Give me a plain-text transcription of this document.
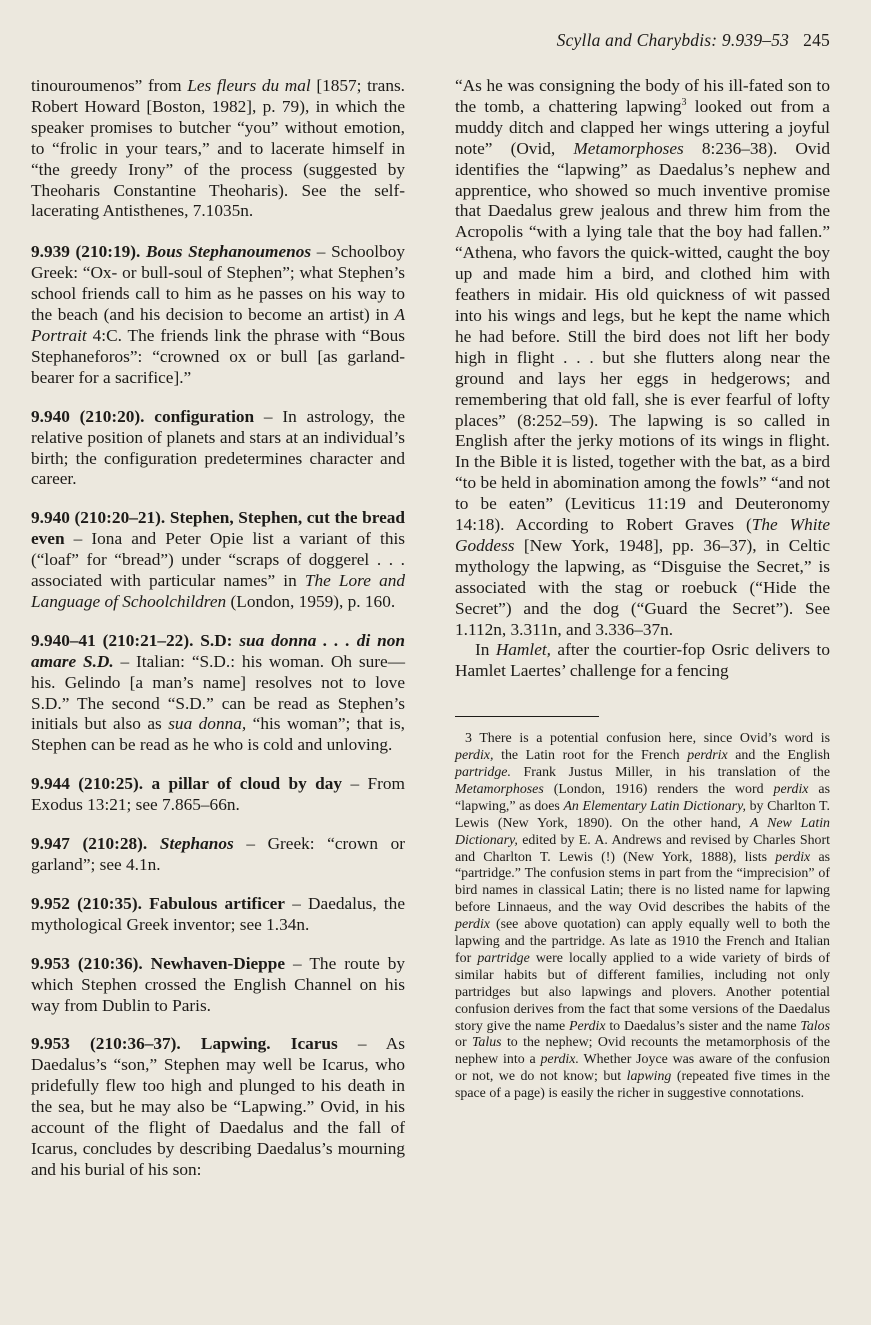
Scylla and Charybdis: 9.939–53 245

tinouroumenos” from Les fleurs du mal [1857; trans. Robert Howard [Boston, 1982], p. 79), in which the speaker promises to butcher “you” without emotion, to “frolic in your tears,” and to lacerate himself in “the greedy Irony” of the process (suggested by Theoharis Constantine Theoharis). See the self-lacerating Antisthenes, 7.1035n.

9.939 (210:19). Bous Stephanoumenos – Schoolboy Greek: “Ox- or bull-soul of Stephen”; what Stephen’s school friends call to him as he passes on his way to the beach (and his decision to become an artist) in A Portrait 4:C. The friends link the phrase with “Bous Stephaneforos”: “crowned ox or bull [as garland-bearer for a sacrifice].”

9.940 (210:20). configuration – In astrology, the relative position of planets and stars at an individual’s birth; the configuration predetermines character and career.

9.940 (210:20–21). Stephen, Stephen, cut the bread even – Iona and Peter Opie list a variant of this (“loaf” for “bread”) under “scraps of doggerel . . . associated with particular names” in The Lore and Language of Schoolchildren (London, 1959), p. 160.

9.940–41 (210:21–22). S.D: sua donna . . . di non amare S.D. – Italian: “S.D.: his woman. Oh sure—his. Gelindo [a man’s name] resolves not to love S.D.” The second “S.D.” can be read as Stephen’s initials but also as sua donna, “his woman”; that is, Stephen can be read as he who is cold and unloving.

9.944 (210:25). a pillar of cloud by day – From Exodus 13:21; see 7.865–66n.

9.947 (210:28). Stephanos – Greek: “crown or garland”; see 4.1n.

9.952 (210:35). Fabulous artificer – Daedalus, the mythological Greek inventor; see 1.34n.

9.953 (210:36). Newhaven-Dieppe – The route by which Stephen crossed the English Channel on his way from Dublin to Paris.

9.953 (210:36–37). Lapwing. Icarus – As Daedalus’s “son,” Stephen may well be Icarus, who pridefully flew too high and plunged to his death in the sea, but he may also be “Lapwing.” Ovid, in his account of the flight of Daedalus and the fall of Icarus, concludes by describing Daedalus’s mourning and his burial of his son:

“As he was consigning the body of his ill-fated son to the tomb, a chattering lapwing$^3$ looked out from a muddy ditch and clapped her wings uttering a joyful note” (Ovid, Metamorphoses 8:236–38). Ovid identifies the “lapwing” as Daedalus’s nephew and apprentice, who showed so much inventive promise that Daedalus grew jealous and threw him from the Acropolis “with a lying tale that the boy had fallen.” “Athena, who favors the quick-witted, caught the boy up and made him a bird, and clothed him with feathers in midair. His old quickness of wit passed into his wings and legs, but he kept the name which he had before. Still the bird does not lift her body high in flight . . . but she flutters along near the ground and lays her eggs in hedgerows; and remembering that old fall, she is ever fearful of lofty places” (8:252–59). The lapwing is so called in English after the jerky motions of its wings in flight. In the Bible it is listed, together with the bat, as a bird “to be held in abomination among the fowls” “and not to be eaten” (Leviticus 11:19 and Deuteronomy 14:18). According to Robert Graves (The White Goddess [New York, 1948], pp. 36–37), in Celtic mythology the lapwing, as “Disguise the Secret,” is associated with the stag or roebuck (“Hide the Secret”) and the dog (“Guard the Secret”). See 1.112n, 3.311n, and 3.336–37n.

In Hamlet, after the courtier-fop Osric delivers to Hamlet Laertes’ challenge for a fencing

3 There is a potential confusion here, since Ovid’s word is perdix, the Latin root for the French perdrix and the English partridge. Frank Justus Miller, in his translation of the Metamorphoses (London, 1916) renders the word perdix as “lapwing,” as does An Elementary Latin Dictionary, by Charlton T. Lewis (New York, 1890). On the other hand, A New Latin Dictionary, edited by E. A. Andrews and revised by Charles Short and Charlton T. Lewis (!) (New York, 1888), lists perdix as “partridge.” The confusion stems in part from the “imprecision” of bird names in classical Latin; there is no listed name for lapwing before Linnaeus, and the way Ovid describes the habits of the perdix (see above quotation) can apply equally well to both the lapwing and the partridge. As late as 1910 the French and Italian for partridge were locally applied to a wide variety of birds of similar habits but of different families, including not only partridges but also lapwings and plovers. Another potential confusion derives from the fact that some versions of the Daedalus story give the name Perdix to Daedalus’s sister and the name Talos or Talus to the nephew; Ovid recounts the metamorphosis of the nephew into a perdix. Whether Joyce was aware of the confusion or not, we do not know; but lapwing (repeated five times in the space of a page) is easily the richer in suggestive connotations.
